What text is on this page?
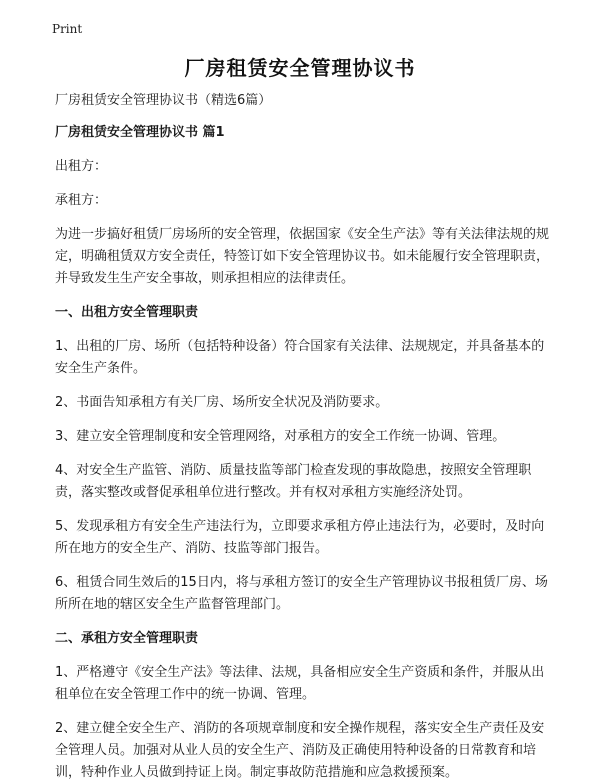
Print
厂房租赁安全管理协议书

厂房租赁安全管理协议书（精选6篇）

厂房租赁安全管理协议书 篇1

出租方：

承租方：

为进一步搞好租赁厂房场所的安全管理，依据国家《安全生产法》等有关法律法规的规定，明确租赁双方安全责任，特签订如下安全管理协议书。如未能履行安全管理职责，并导致发生生产安全事故，则承担相应的法律责任。

一、出租方安全管理职责

1、出租的厂房、场所（包括特种设备）符合国家有关法律、法规规定，并具备基本的安全生产条件。

2、书面告知承租方有关厂房、场所安全状况及消防要求。

3、建立安全管理制度和安全管理网络，对承租方的安全工作统一协调、管理。

4、对安全生产监管、消防、质量技监等部门检查发现的事故隐患，按照安全管理职责，落实整改或督促承租单位进行整改。并有权对承租方实施经济处罚。

5、发现承租方有安全生产违法行为，立即要求承租方停止违法行为，必要时，及时向所在地方的安全生产、消防、技监等部门报告。

6、租赁合同生效后的15日内，将与承租方签订的安全生产管理协议书报租赁厂房、场所所在地的辖区安全生产监督管理部门。

二、承租方安全管理职责

1、严格遵守《安全生产法》等法律、法规，具备相应安全生产资质和条件，并服从出租单位在安全管理工作中的统一协调、管理。

2、建立健全安全生产、消防的各项规章制度和安全操作规程，落实安全生产责任及安全管理人员。加强对从业人员的安全生产、消防及正确使用特种设备的日常教育和培训，特种作业人员做到持证上岗。制定事故防范措施和应急救援预案。
